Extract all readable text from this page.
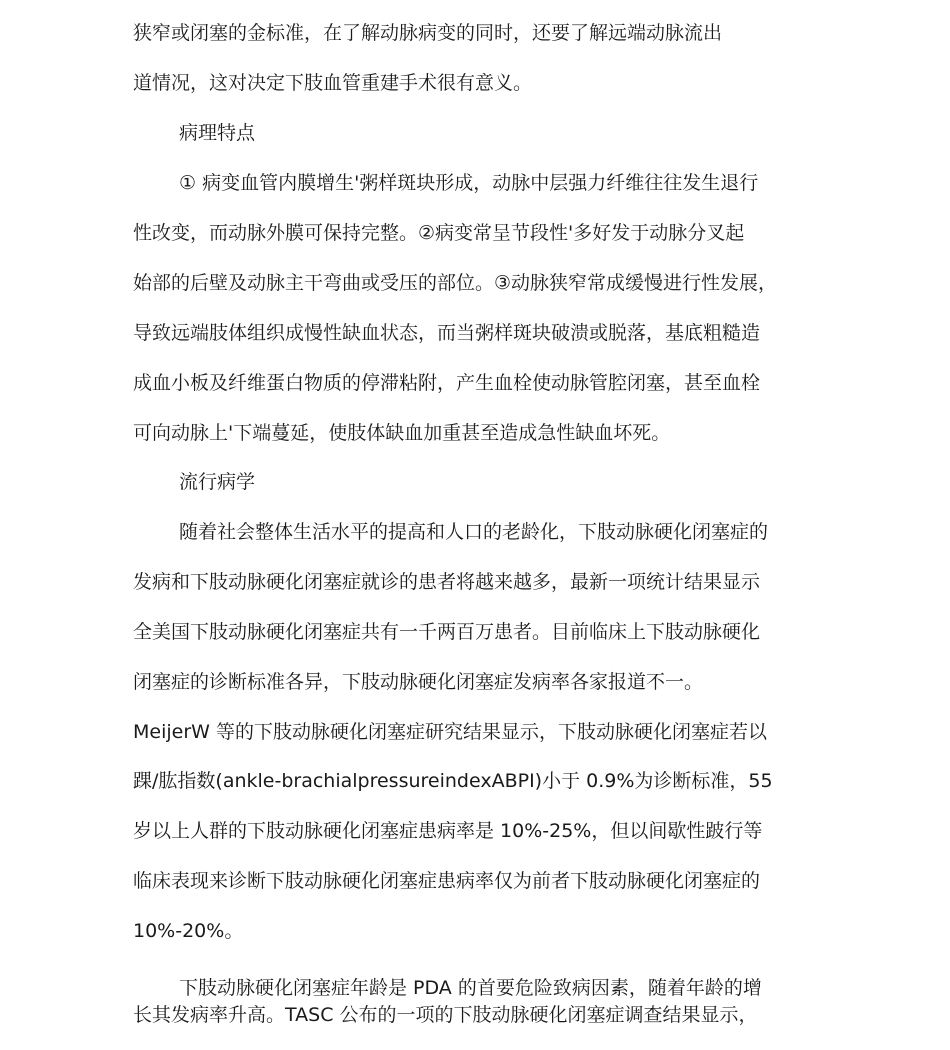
狭窄或闭塞的金标准，在了解动脉病变的同时，还要了解远端动脉流出
道情况，这对决定下肢血管重建手术很有意义。
病理特点
① 病变血管内膜增生'粥样斑块形成，动脉中层强力纤维往往发生退行
性改变，而动脉外膜可保持完整。②病变常呈节段性'多好发于动脉分叉起
始部的后壁及动脉主干弯曲或受压的部位。③动脉狭窄常成缓慢进行性发展，
导致远端肢体组织成慢性缺血状态，而当粥样斑块破溃或脱落，基底粗糙造
成血小板及纤维蛋白物质的停滞粘附，产生血栓使动脉管腔闭塞，甚至血栓
可向动脉上'下端蔓延，使肢体缺血加重甚至造成急性缺血坏死。
流行病学
随着社会整体生活水平的提高和人口的老龄化，下肢动脉硬化闭塞症的
发病和下肢动脉硬化闭塞症就诊的患者将越来越多，最新一项统计结果显示
全美国下肢动脉硬化闭塞症共有一千两百万患者。目前临床上下肢动脉硬化
闭塞症的诊断标准各异，下肢动脉硬化闭塞症发病率各家报道不一。
MeijerW 等的下肢动脉硬化闭塞症研究结果显示，下肢动脉硬化闭塞症若以
踝/肱指数(ankle-brachialpressureindexABPI)小于 0.9%为诊断标准，55
岁以上人群的下肢动脉硬化闭塞症患病率是 10%-25%，但以间歇性跛行等
临床表现来诊断下肢动脉硬化闭塞症患病率仅为前者下肢动脉硬化闭塞症的
10%-20%。
下肢动脉硬化闭塞症年龄是 PDA 的首要危险致病因素，随着年龄的增
长其发病率升高。TASC 公布的一项的下肢动脉硬化闭塞症调查结果显示，
